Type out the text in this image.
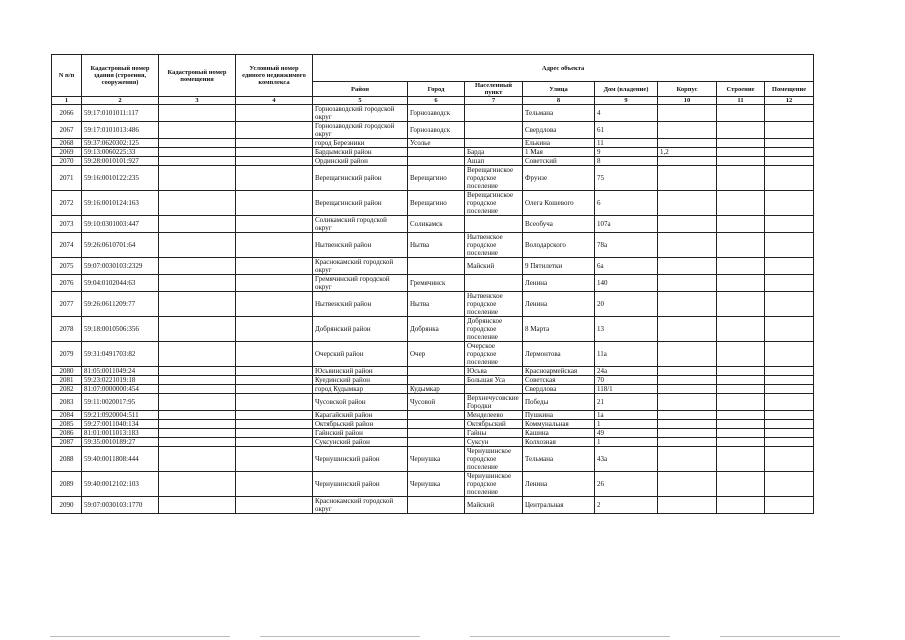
N п/п	Кадастровый номер здания (строения, сооружения)	Кадастровый номер помещения	Условный номер единого недвижимого комплекса	Адрес объекта							
				Район	Город	Населенный пункт	Улица	Дом (владение)	Корпус	Строение	Помещение
1	2	3	4	5	6	7	8	9	10	11	12
2066	59:17:0101011:117			Горнозаводский городской округ	Горнозаводск		Тельмана	4			
2067	59:17:0101013:486			Горнозаводский городской округ	Горнозаводск		Свердлова	61			
2068	59:37:0620302:125			город Березники	Усолье		Елькина	11			
2069	59:13:0060225:33			Бардымский район		Барда	1 Мая	9	1,2		
2070	59:28:0010101:927			Ординский район		Ашап	Советский	8			
2071	59:16:0010122:235			Верещагинский район	Верещагино	Верещагинское городское поселение	Фрунзе	75			
2072	59:16:0010124:163			Верещагинский район	Верещагино	Верещагинское городское поселение	Олега Кошевого	6			
2073	59:10:0301003:447			Соликамский городской округ	Соликамск		Всеобуча	107а			
2074	59:26:0610701:64			Нытвенский район	Нытва	Нытвенское городское поселение	Володарского	78а			
2075	59:07:0030103:2329			Краснокамский городской округ		Майский	9 Пятилетки	6а			
2076	59:04:0102044:63			Гремячинский городской округ	Гремячинск		Ленина	140			
2077	59:26:0611209:77			Нытвенский район	Нытва	Нытвенское городское поселение	Ленина	20			
2078	59:18:0010506:356			Добрянский район	Добрянка	Добрянское городское поселение	8 Марта	13			
2079	59:31:0491703:82			Очерский район	Очер	Очерское городское поселение	Лермонтова	11а			
2080	81:05:0011049:24			Юсьвинский район		Юсьва	Красноармейская	24а			
2081	59:23:0221019:18			Куединский район		Большая Уса	Советская	70			
2082	81:07:0000000:454			город Кудымкар	Кудымкар		Свердлова	118/1			
2083	59:11:0020017:95			Чусовской район	Чусовой	Верхнечусовские Городки	Победы	21			
2084	59:21:0920004:511			Карагайский район		Менделеево	Пушкина	1а			
2085	59:27:0011040:134			Октябрьский район		Октябрьский	Коммунальная	1			
2086	81:01:0011013:183			Гайнский район		Гайны	Кашина	49			
2087	59:35:0010189:27			Суксунский район		Суксун	Колхозная	1			
2088	59:40:0011808:444			Чернушинский район	Чернушка	Чернушинское городское поселение	Тельмана	43а			
2089	59:40:0012102:103			Чернушинский район	Чернушка	Чернушинское городское поселение	Ленина	26			
2090	59:07:0030103:1770			Краснокамский городской округ		Майский	Центральная	2			
